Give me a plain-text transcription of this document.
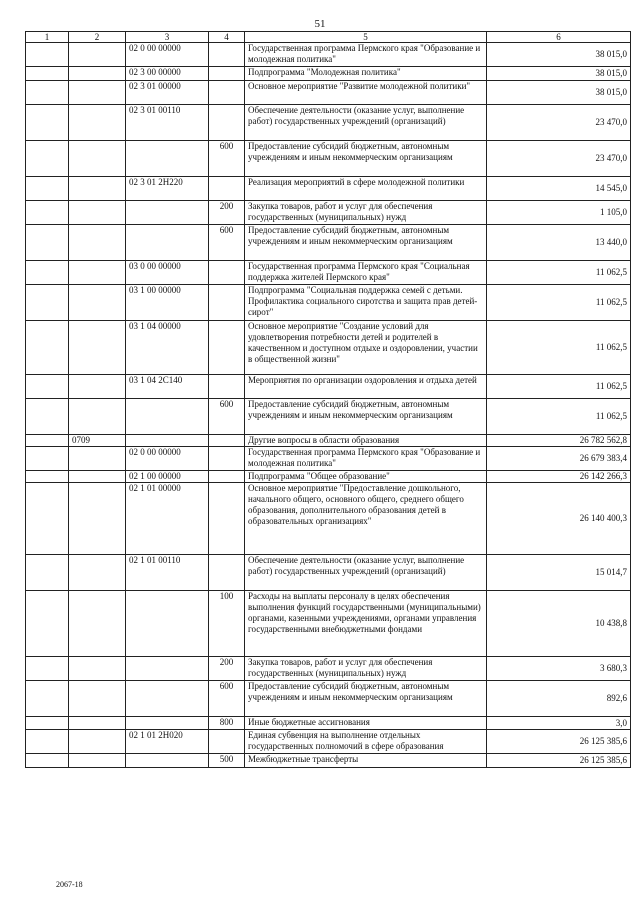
51
1	2	3	4	5	6
		02 0 00 00000		Государственная программа Пермского края "Образование и молодежная политика"	38 015,0
		02 3 00 00000		Подпрограмма "Молодежная политика"	38 015,0
		02 3 01 00000		Основное мероприятие "Развитие молодежной политики"	38 015,0
		02 3 01 00110		Обеспечение деятельности (оказание услуг, выполнение работ) государственных учреждений (организаций)	23 470,0
			600	Предоставление субсидий бюджетным, автономным учреждениям и иным некоммерческим организациям	23 470,0
		02 3 01 2Н220		Реализация мероприятий в сфере молодежной политики	14 545,0
			200	Закупка товаров, работ и услуг для обеспечения государственных (муниципальных) нужд	1 105,0
			600	Предоставление субсидий бюджетным, автономным учреждениям и иным некоммерческим организациям	13 440,0
		03 0 00 00000		Государственная программа Пермского края "Социальная поддержка жителей Пермского края"	11 062,5
		03 1 00 00000		Подпрограмма "Социальная поддержка семей с детьми. Профилактика социального сиротства и защита прав детей-сирот"	11 062,5
		03 1 04 00000		Основное мероприятие "Создание условий для удовлетворения потребности детей и родителей в качественном и доступном отдыхе и оздоровлении, участии в общественной жизни"	11 062,5
		03 1 04 2С140		Мероприятия по организации оздоровления и отдыха детей	11 062,5
			600	Предоставление субсидий бюджетным, автономным учреждениям и иным некоммерческим организациям	11 062,5
	0709			Другие вопросы в области образования	26 782 562,8
		02 0 00 00000		Государственная программа Пермского края "Образование и молодежная политика"	26 679 383,4
		02 1 00 00000		Подпрограмма "Общее образование"	26 142 266,3
		02 1 01 00000		Основное мероприятие "Предоставление дошкольного, начального общего, основного общего, среднего общего образования, дополнительного образования детей в образовательных организациях"	26 140 400,3
		02 1 01 00110		Обеспечение деятельности (оказание услуг, выполнение работ) государственных учреждений (организаций)	15 014,7
			100	Расходы на выплаты персоналу в целях обеспечения выполнения функций государственными (муниципальными) органами, казенными учреждениями, органами управления государственными внебюджетными фондами	10 438,8
			200	Закупка товаров, работ и услуг для обеспечения государственных (муниципальных) нужд	3 680,3
			600	Предоставление субсидий бюджетным, автономным учреждениям и иным некоммерческим организациям	892,6
			800	Иные бюджетные ассигнования	3,0
		02 1 01 2Н020		Единая субвенция на выполнение отдельных государственных полномочий в сфере образования	26 125 385,6
			500	Межбюджетные трансферты	26 125 385,6
2067-18
